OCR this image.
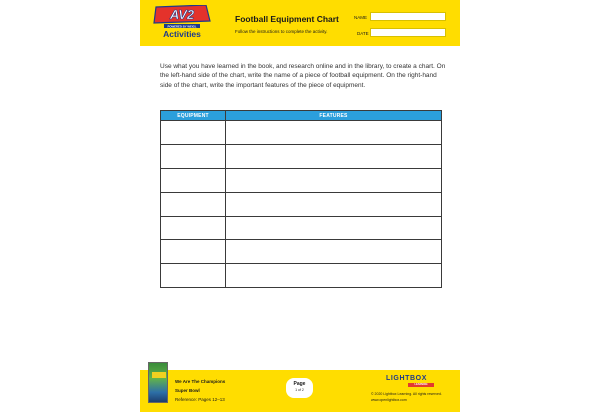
AV2
POWERED BY WEIGL
Activities
Football Equipment Chart
Follow the instructions to complete the activity.
NAME
DATE

Use what you have learned in the book, and research online and in the library, to create a chart. On the left-hand side of the chart, write the name of a piece of football equipment. On the right-hand side of the chart, write the important features of the piece of equipment.

EQUIPMENT	FEATURES

We Are The Champions
Super Bowl
Reference: Pages 12–13
Page
1 of 2
LIGHTBOX
LEARNING
© 2020 Lightbox Learning. All rights reserved.
www.openlightbox.com
